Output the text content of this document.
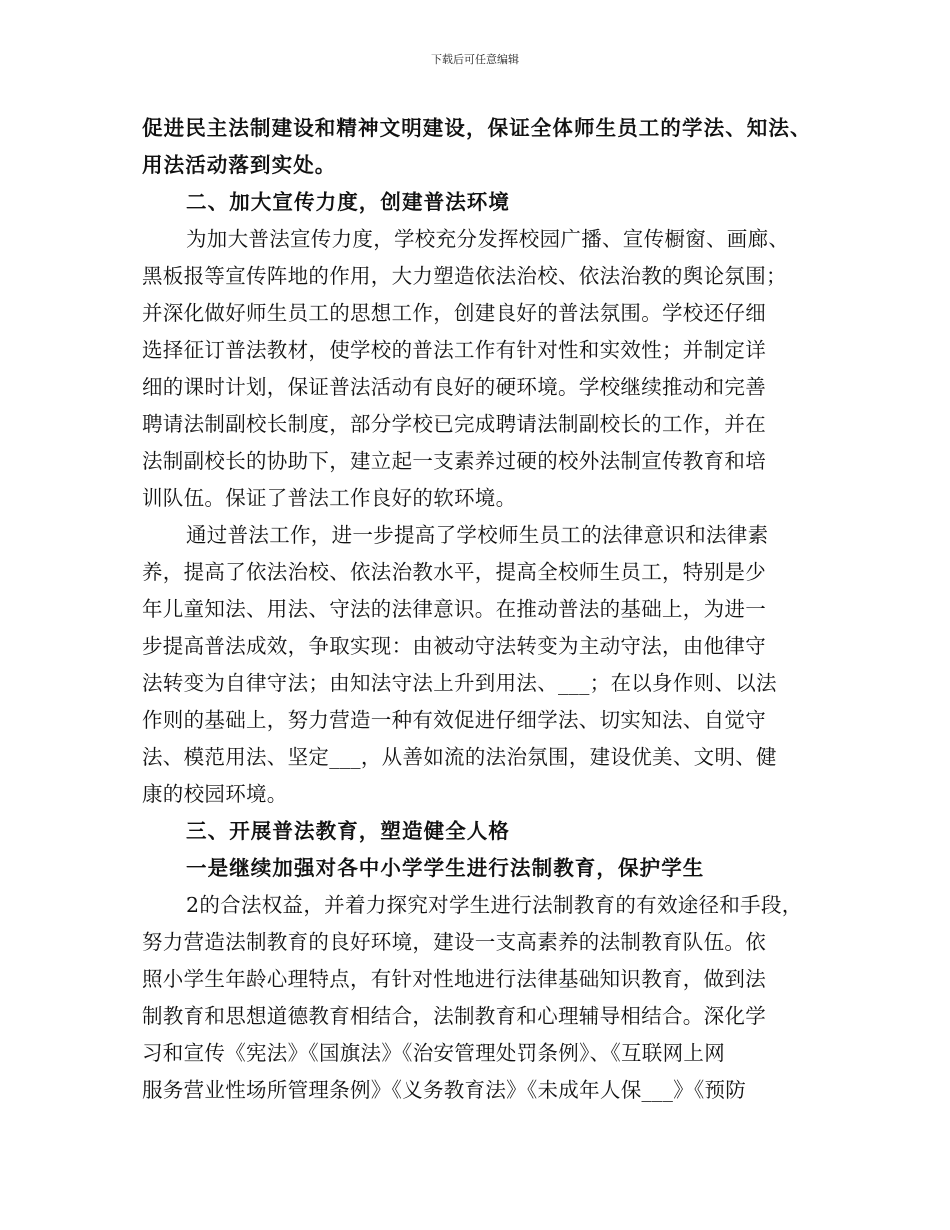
下载后可任意编辑
促进民主法制建设和精神文明建设，保证全体师生员工的学法、知法、
用法活动落到实处。
二、加大宣传力度，创建普法环境
为加大普法宣传力度，学校充分发挥校园广播、宣传橱窗、画廊、
黑板报等宣传阵地的作用，大力塑造依法治校、依法治教的舆论氛围；
并深化做好师生员工的思想工作，创建良好的普法氛围。学校还仔细
选择征订普法教材，使学校的普法工作有针对性和实效性；并制定详
细的课时计划，保证普法活动有良好的硬环境。学校继续推动和完善
聘请法制副校长制度，部分学校已完成聘请法制副校长的工作，并在
法制副校长的协助下，建立起一支素养过硬的校外法制宣传教育和培
训队伍。保证了普法工作良好的软环境。
通过普法工作，进一步提高了学校师生员工的法律意识和法律素
养，提高了依法治校、依法治教水平，提高全校师生员工，特别是少
年儿童知法、用法、守法的法律意识。在推动普法的基础上，为进一
步提高普法成效，争取实现：由被动守法转变为主动守法，由他律守
法转变为自律守法；由知法守法上升到用法、___；在以身作则、以法
作则的基础上，努力营造一种有效促进仔细学法、切实知法、自觉守
法、模范用法、坚定___，从善如流的法治氛围，建设优美、文明、健
康的校园环境。
三、开展普法教育，塑造健全人格
一是继续加强对各中小学学生进行法制教育，保护学生
2的合法权益，并着力探究对学生进行法制教育的有效途径和手段，
努力营造法制教育的良好环境，建设一支高素养的法制教育队伍。依
照小学生年龄心理特点，有针对性地进行法律基础知识教育，做到法
制教育和思想道德教育相结合，法制教育和心理辅导相结合。深化学
习和宣传《宪法》《国旗法》《治安管理处罚条例》、《互联网上网
服务营业性场所管理条例》《义务教育法》《未成年人保___》《预防
